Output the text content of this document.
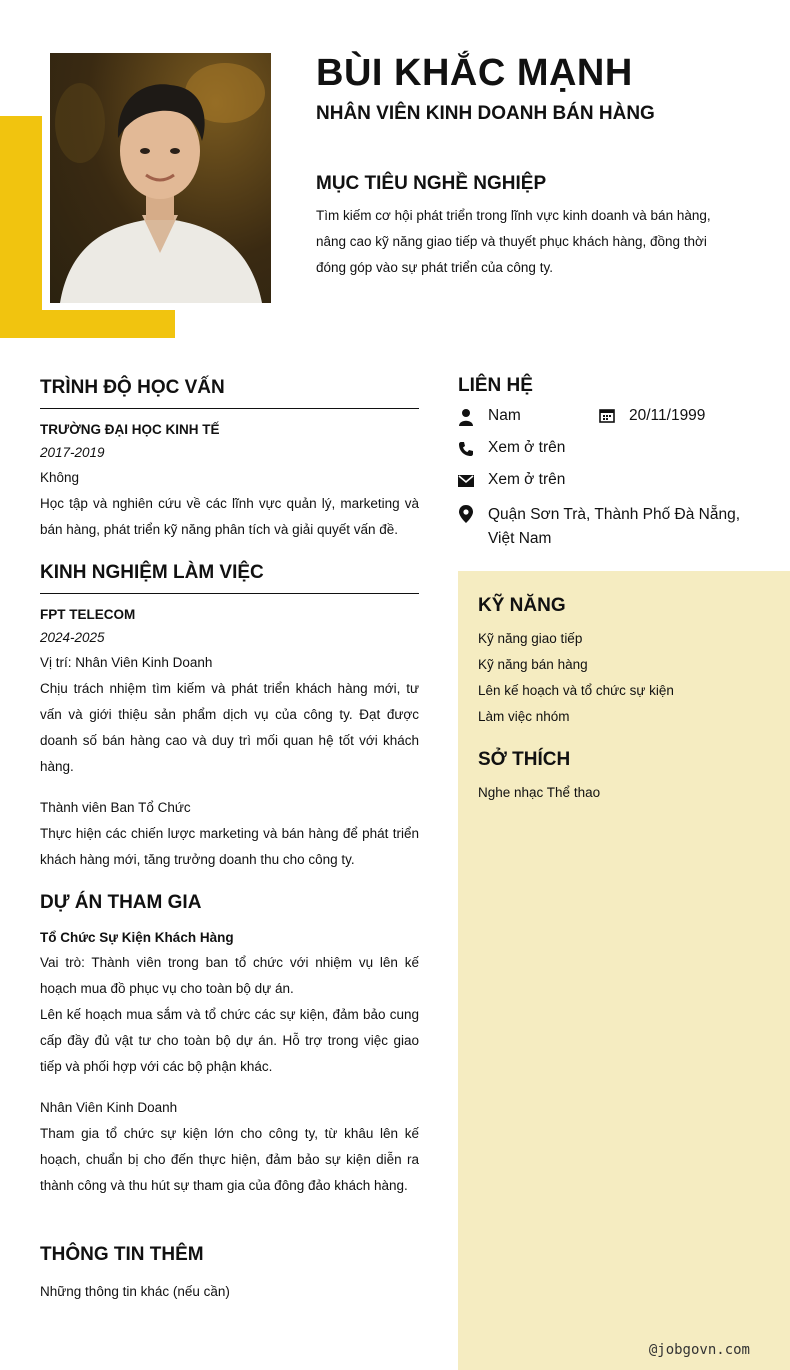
BÙI KHẮC MẠNH
NHÂN VIÊN KINH DOANH BÁN HÀNG
MỤC TIÊU NGHỀ NGHIỆP

Tìm kiếm cơ hội phát triển trong lĩnh vực kinh doanh và bán hàng, nâng cao kỹ năng giao tiếp và thuyết phục khách hàng, đồng thời đóng góp vào sự phát triển của công ty.

TRÌNH ĐỘ HỌC VẤN

TRƯỜNG ĐẠI HỌC KINH TẾ

2017-2019

Không

Học tập và nghiên cứu về các lĩnh vực quản lý, marketing và bán hàng, phát triển kỹ năng phân tích và giải quyết vấn đề.

KINH NGHIỆM LÀM VIỆC

FPT TELECOM

2024-2025

Vị trí: Nhân Viên Kinh Doanh

Chịu trách nhiệm tìm kiếm và phát triển khách hàng mới, tư vấn và giới thiệu sản phẩm dịch vụ của công ty. Đạt được doanh số bán hàng cao và duy trì mối quan hệ tốt với khách hàng.

Thành viên Ban Tổ Chức

Thực hiện các chiến lược marketing và bán hàng để phát triển khách hàng mới, tăng trưởng doanh thu cho công ty.

DỰ ÁN THAM GIA

Tổ Chức Sự Kiện Khách Hàng

Vai trò: Thành viên trong ban tổ chức với nhiệm vụ lên kế hoạch mua đồ phục vụ cho toàn bộ dự án.

Lên kế hoạch mua sắm và tổ chức các sự kiện, đảm bảo cung cấp đầy đủ vật tư cho toàn bộ dự án. Hỗ trợ trong việc giao tiếp và phối hợp với các bộ phận khác.

Nhân Viên Kinh Doanh

Tham gia tổ chức sự kiện lớn cho công ty, từ khâu lên kế hoạch, chuẩn bị cho đến thực hiện, đảm bảo sự kiện diễn ra thành công và thu hút sự tham gia của đông đảo khách hàng.

THÔNG TIN THÊM

Những thông tin khác (nếu cần)

LIÊN HỆ
Nam	20/11/1999
Xem ở trên
Xem ở trên
Quận Sơn Trà, Thành Phố Đà Nẵng, Việt Nam
KỸ NĂNG

Kỹ năng giao tiếp

Kỹ năng bán hàng

Lên kế hoạch và tổ chức sự kiện

Làm việc nhóm

SỞ THÍCH

Nghe nhạc Thể thao

@jobgovn.com
